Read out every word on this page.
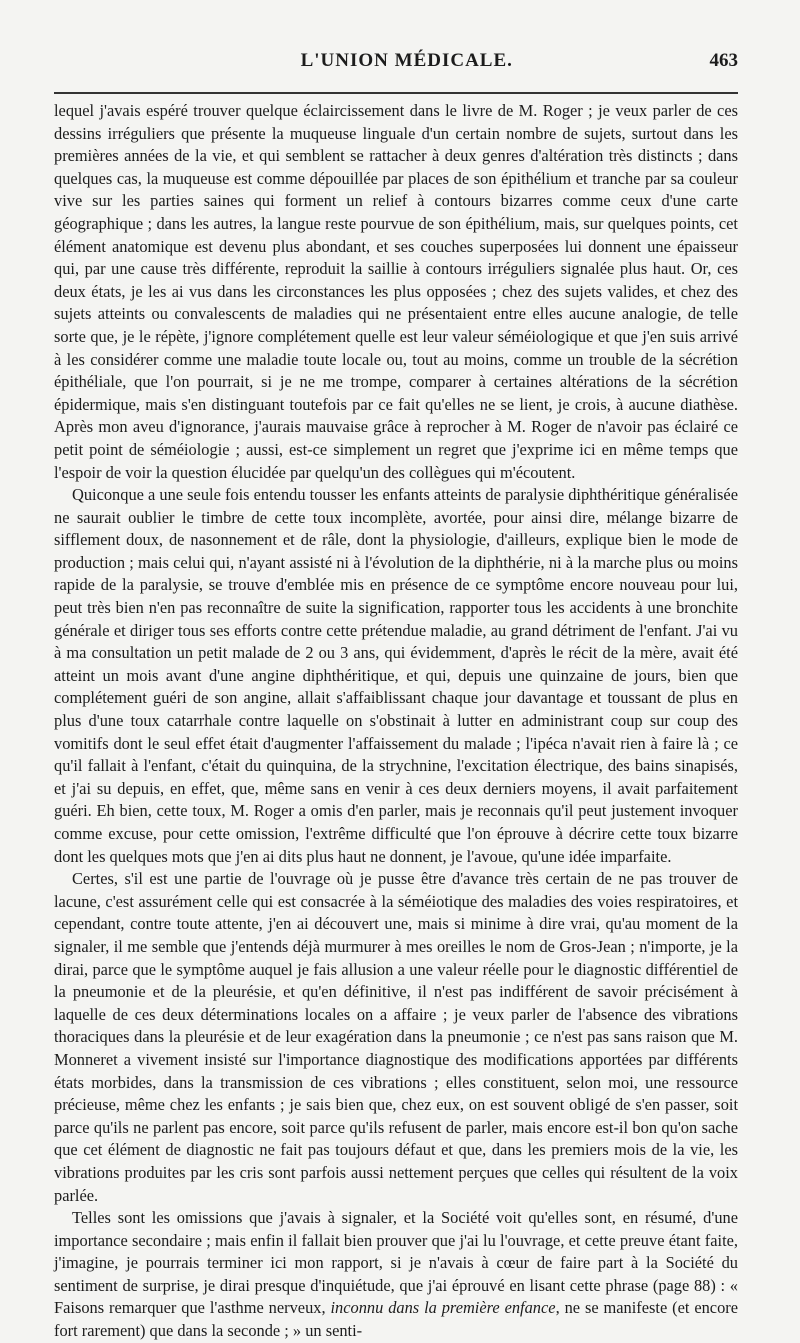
L'UNION MÉDICALE.	463

lequel j'avais espéré trouver quelque éclaircissement dans le livre de M. Roger ; je veux parler de ces dessins irréguliers que présente la muqueuse linguale d'un certain nombre de sujets, surtout dans les premières années de la vie, et qui semblent se rattacher à deux genres d'altération très distincts ; dans quelques cas, la muqueuse est comme dépouillée par places de son épithélium et tranche par sa couleur vive sur les parties saines qui forment un relief à contours bizarres comme ceux d'une carte géographique ; dans les autres, la langue reste pourvue de son épithélium, mais, sur quelques points, cet élément anatomique est devenu plus abondant, et ses couches superposées lui donnent une épaisseur qui, par une cause très différente, reproduit la saillie à contours irréguliers signalée plus haut. Or, ces deux états, je les ai vus dans les circonstances les plus opposées ; chez des sujets valides, et chez des sujets atteints ou convalescents de maladies qui ne présentaient entre elles aucune analogie, de telle sorte que, je le répète, j'ignore complétement quelle est leur valeur séméiologique et que j'en suis arrivé à les considérer comme une maladie toute locale ou, tout au moins, comme un trouble de la sécrétion épithéliale, que l'on pourrait, si je ne me trompe, comparer à certaines altérations de la sécrétion épidermique, mais s'en distinguant toutefois par ce fait qu'elles ne se lient, je crois, à aucune diathèse. Après mon aveu d'ignorance, j'aurais mauvaise grâce à reprocher à M. Roger de n'avoir pas éclairé ce petit point de séméiologie ; aussi, est-ce simplement un regret que j'exprime ici en même temps que l'espoir de voir la question élucidée par quelqu'un des collègues qui m'écoutent.

Quiconque a une seule fois entendu tousser les enfants atteints de paralysie diphthéritique généralisée ne saurait oublier le timbre de cette toux incomplète, avortée, pour ainsi dire, mélange bizarre de sifflement doux, de nasonnement et de râle, dont la physiologie, d'ailleurs, explique bien le mode de production ; mais celui qui, n'ayant assisté ni à l'évolution de la diphthérie, ni à la marche plus ou moins rapide de la paralysie, se trouve d'emblée mis en présence de ce symptôme encore nouveau pour lui, peut très bien n'en pas reconnaître de suite la signification, rapporter tous les accidents à une bronchite générale et diriger tous ses efforts contre cette prétendue maladie, au grand détriment de l'enfant. J'ai vu à ma consultation un petit malade de 2 ou 3 ans, qui évidemment, d'après le récit de la mère, avait été atteint un mois avant d'une angine diphthéritique, et qui, depuis une quinzaine de jours, bien que complétement guéri de son angine, allait s'affaiblissant chaque jour davantage et toussant de plus en plus d'une toux catarrhale contre laquelle on s'obstinait à lutter en administrant coup sur coup des vomitifs dont le seul effet était d'augmenter l'affaissement du malade ; l'ipéca n'avait rien à faire là ; ce qu'il fallait à l'enfant, c'était du quinquina, de la strychnine, l'excitation électrique, des bains sinapisés, et j'ai su depuis, en effet, que, même sans en venir à ces deux derniers moyens, il avait parfaitement guéri. Eh bien, cette toux, M. Roger a omis d'en parler, mais je reconnais qu'il peut justement invoquer comme excuse, pour cette omission, l'extrême difficulté que l'on éprouve à décrire cette toux bizarre dont les quelques mots que j'en ai dits plus haut ne donnent, je l'avoue, qu'une idée imparfaite.

Certes, s'il est une partie de l'ouvrage où je pusse être d'avance très certain de ne pas trouver de lacune, c'est assurément celle qui est consacrée à la séméiotique des maladies des voies respiratoires, et cependant, contre toute attente, j'en ai découvert une, mais si minime à dire vrai, qu'au moment de la signaler, il me semble que j'entends déjà murmurer à mes oreilles le nom de Gros-Jean ; n'importe, je la dirai, parce que le symptôme auquel je fais allusion a une valeur réelle pour le diagnostic différentiel de la pneumonie et de la pleurésie, et qu'en définitive, il n'est pas indifférent de savoir précisément à laquelle de ces deux déterminations locales on a affaire ; je veux parler de l'absence des vibrations thoraciques dans la pleurésie et de leur exagération dans la pneumonie ; ce n'est pas sans raison que M. Monneret a vivement insisté sur l'importance diagnostique des modifications apportées par différents états morbides, dans la transmission de ces vibrations ; elles constituent, selon moi, une ressource précieuse, même chez les enfants ; je sais bien que, chez eux, on est souvent obligé de s'en passer, soit parce qu'ils ne parlent pas encore, soit parce qu'ils refusent de parler, mais encore est-il bon qu'on sache que cet élément de diagnostic ne fait pas toujours défaut et que, dans les premiers mois de la vie, les vibrations produites par les cris sont parfois aussi nettement perçues que celles qui résultent de la voix parlée.

Telles sont les omissions que j'avais à signaler, et la Société voit qu'elles sont, en résumé, d'une importance secondaire ; mais enfin il fallait bien prouver que j'ai lu l'ouvrage, et cette preuve étant faite, j'imagine, je pourrais terminer ici mon rapport, si je n'avais à cœur de faire part à la Société du sentiment de surprise, je dirai presque d'inquiétude, que j'ai éprouvé en lisant cette phrase (page 88) : « Faisons remarquer que l'asthme nerveux, inconnu dans la première enfance, ne se manifeste (et encore fort rarement) que dans la seconde ; » un senti-
